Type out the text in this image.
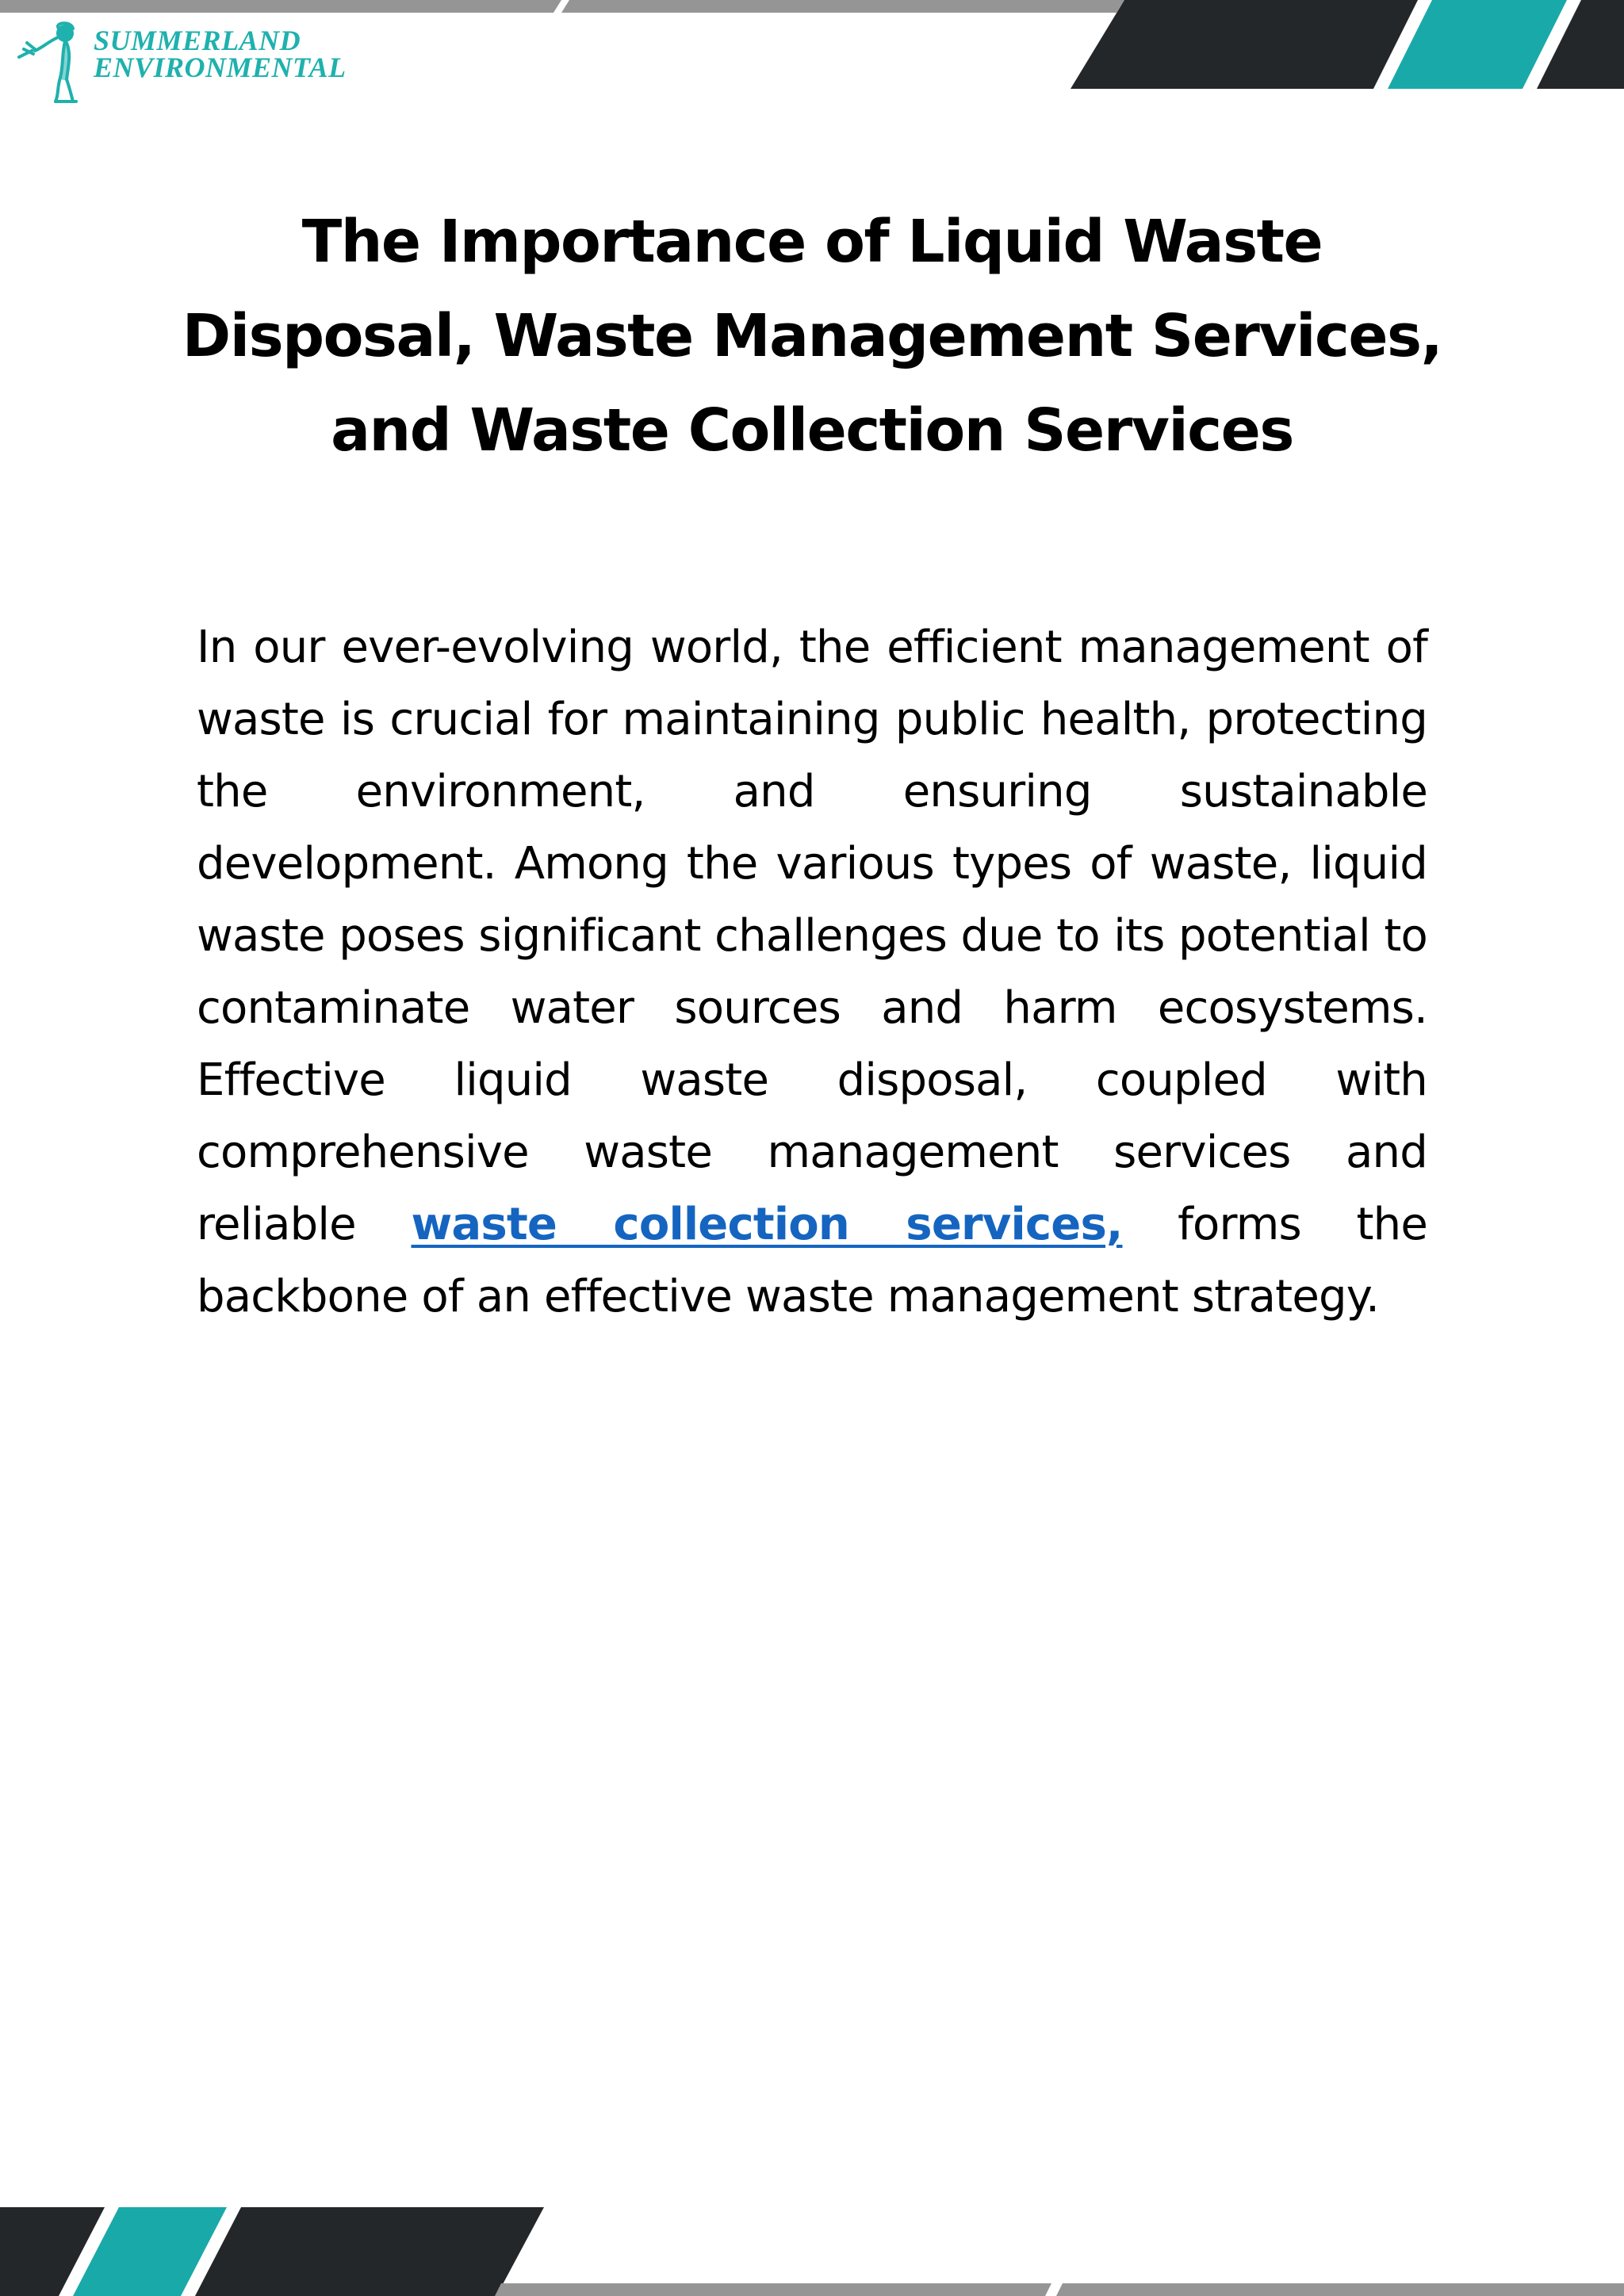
SUMMERLAND
ENVIRONMENTAL
The Importance of Liquid Waste Disposal, Waste Management Services, and Waste Collection Services

In our ever-evolving world, the efficient management of waste is crucial for maintaining public health, protecting the environment, and ensuring sustainable development. Among the various types of waste, liquid waste poses significant challenges due to its potential to contaminate water sources and harm ecosystems. Effective liquid waste disposal, coupled with comprehensive waste management services and reliable waste collection services, forms the backbone of an effective waste management strategy.
